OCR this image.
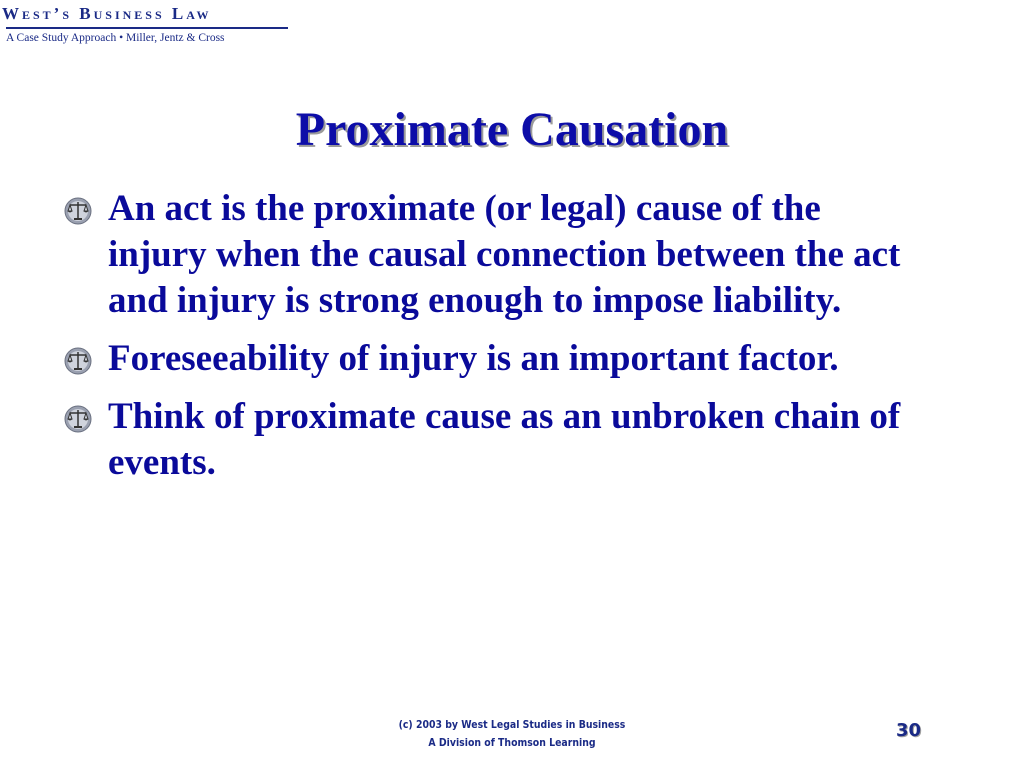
West’s Business Law
A Case Study Approach • Miller, Jentz & Cross
Proximate Causation
An act is the proximate (or legal) cause of the injury when the causal connection between the act and injury is strong enough to impose liability.
Foreseeability of injury is an important factor.
Think of proximate cause as an unbroken chain of events.
(c) 2003 by West Legal Studies in Business
A Division of Thomson Learning
30
